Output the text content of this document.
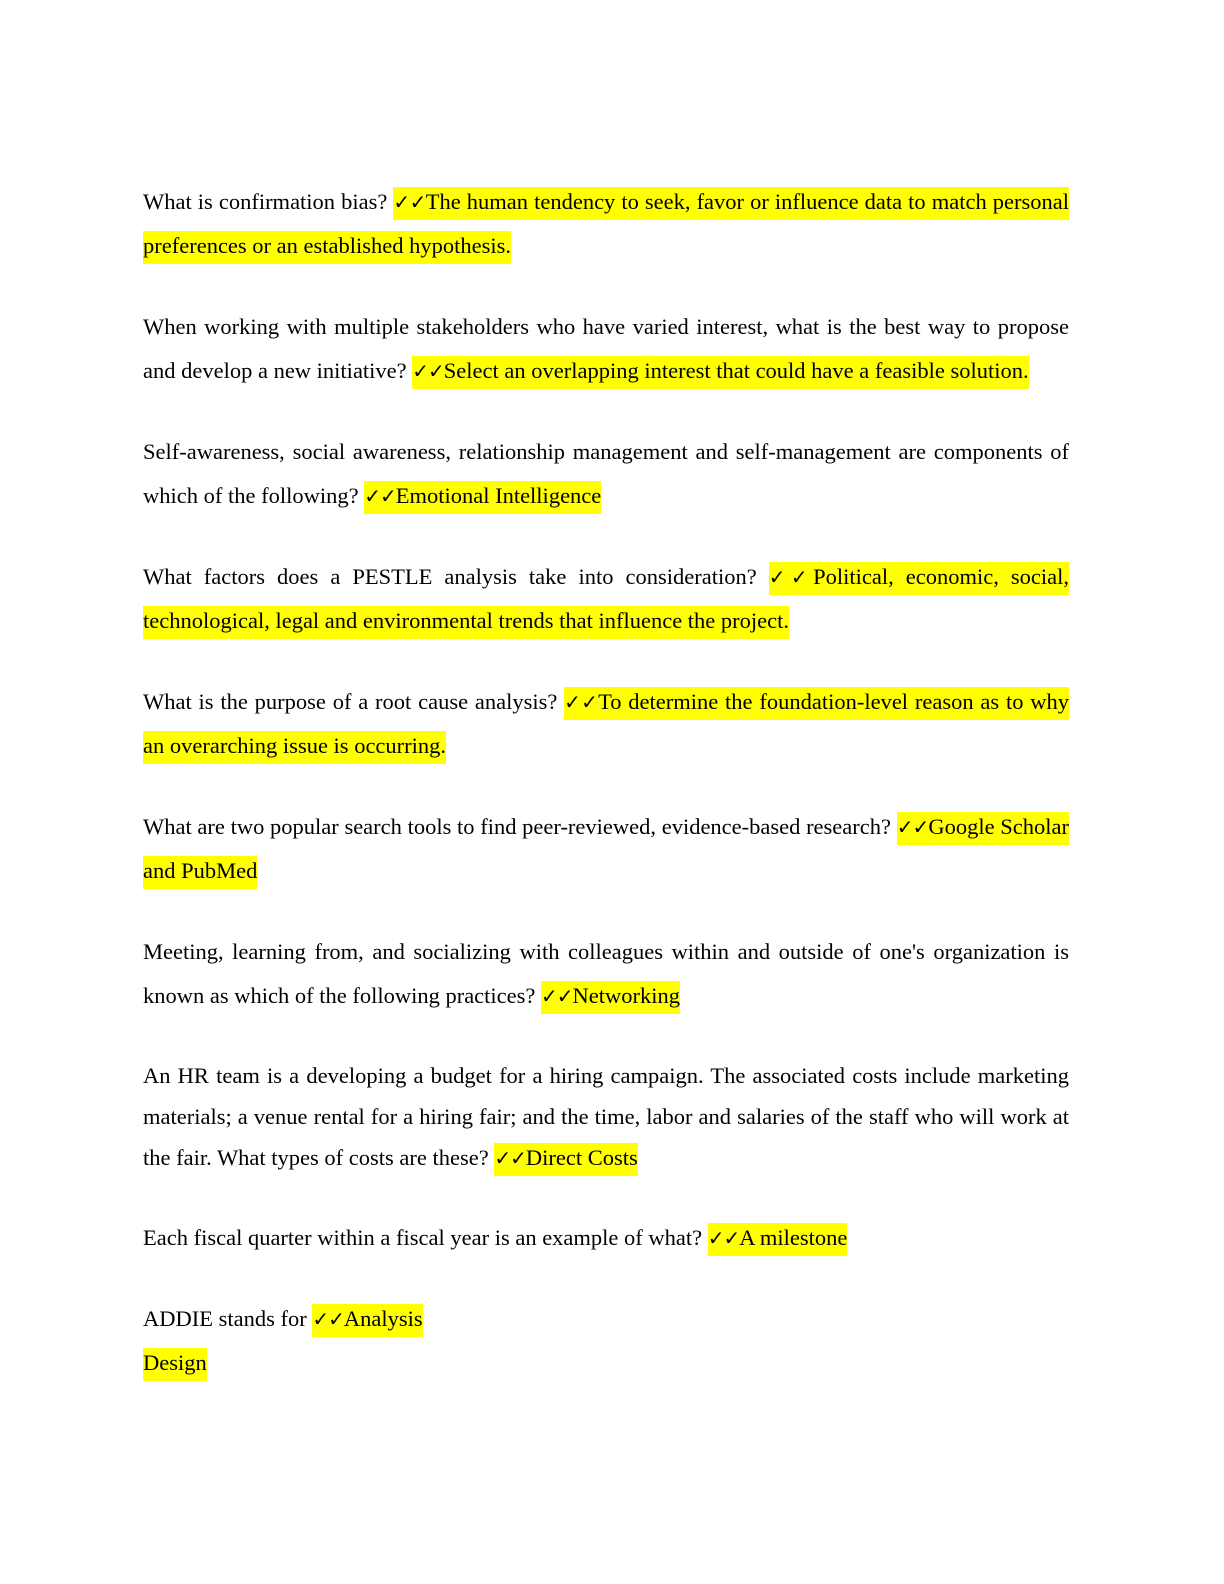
What is confirmation bias? ✓✓The human tendency to seek, favor or influence data to match personal preferences or an established hypothesis.

When working with multiple stakeholders who have varied interest, what is the best way to propose and develop a new initiative? ✓✓Select an overlapping interest that could have a feasible solution.

Self-awareness, social awareness, relationship management and self-management are components of which of the following? ✓✓Emotional Intelligence

What factors does a PESTLE analysis take into consideration? ✓✓Political, economic, social, technological, legal and environmental trends that influence the project.

What is the purpose of a root cause analysis? ✓✓To determine the foundation-level reason as to why an overarching issue is occurring.

What are two popular search tools to find peer-reviewed, evidence-based research? ✓✓Google Scholar and PubMed

Meeting, learning from, and socializing with colleagues within and outside of one's organization is known as which of the following practices? ✓✓Networking

An HR team is a developing a budget for a hiring campaign. The associated costs include marketing materials; a venue rental for a hiring fair; and the time, labor and salaries of the staff who will work at the fair. What types of costs are these? ✓✓Direct Costs

Each fiscal quarter within a fiscal year is an example of what? ✓✓A milestone

ADDIE stands for ✓✓Analysis
Design
